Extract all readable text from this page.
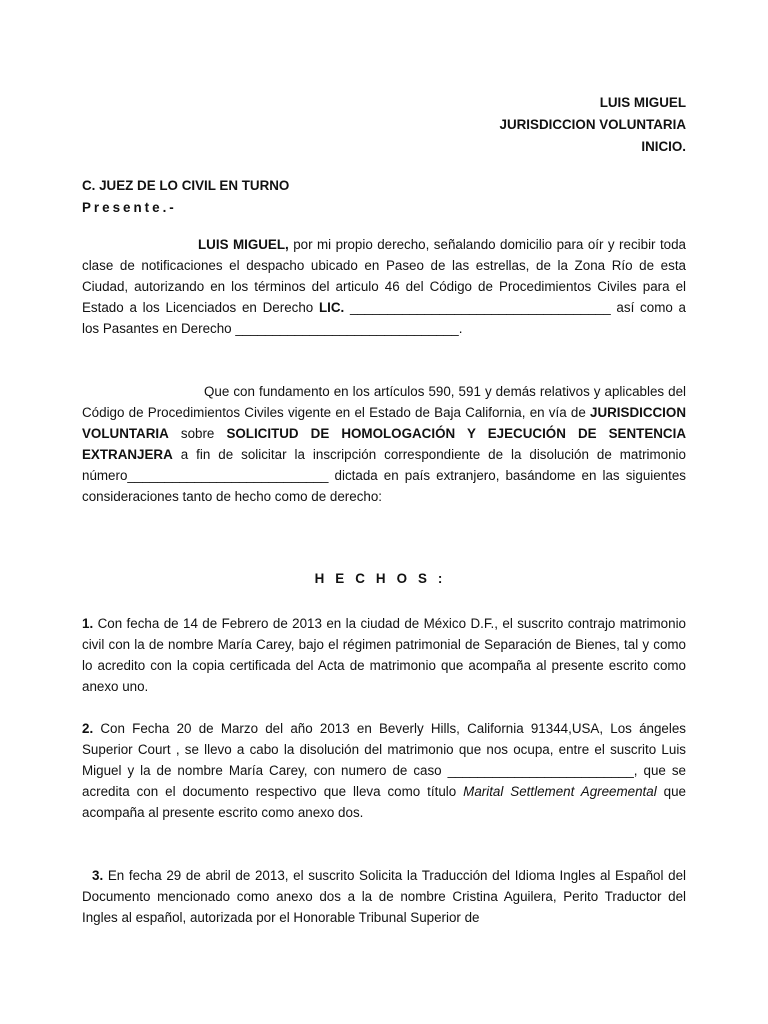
LUIS MIGUEL
JURISDICCION VOLUNTARIA
INICIO.
C. JUEZ DE LO CIVIL EN TURNO
Presente.-

LUIS MIGUEL, por mi propio derecho, señalando domicilio para oír y recibir toda clase de notificaciones el despacho ubicado en Paseo de las estrellas, de la Zona Río de esta Ciudad, autorizando en los términos del articulo 46 del Código de Procedimientos Civiles para el Estado a los Licenciados en Derecho LIC. ___________________________________ así como a los Pasantes en Derecho ______________________________.

Que con fundamento en los artículos 590, 591 y demás relativos y aplicables del Código de Procedimientos Civiles vigente en el Estado de Baja California, en vía de JURISDICCION VOLUNTARIA sobre SOLICITUD DE HOMOLOGACIÓN Y EJECUCIÓN DE SENTENCIA EXTRANJERA a fin de solicitar la inscripción correspondiente de la disolución de matrimonio número___________________________ dictada en país extranjero, basándome en las siguientes consideraciones tanto de hecho como de derecho:

HECHOS:

1. Con fecha de 14 de Febrero de 2013 en la ciudad de México D.F., el suscrito contrajo matrimonio civil con la de nombre María Carey, bajo el régimen patrimonial de Separación de Bienes, tal y como lo acredito con la copia certificada del Acta de matrimonio que acompaña al presente escrito como anexo uno.

2. Con Fecha 20 de Marzo del año 2013 en Beverly Hills, California 91344,USA, Los ángeles Superior Court , se llevo a cabo la disolución del matrimonio que nos ocupa, entre el suscrito Luis Miguel y la de nombre María Carey, con numero de caso _________________________, que se acredita con el documento respectivo que lleva como título Marital Settlement Agreemental que acompaña al presente escrito como anexo dos.

3. En fecha 29 de abril de 2013, el suscrito Solicita la Traducción del Idioma Ingles al Español del Documento mencionado como anexo dos a la de nombre Cristina Aguilera, Perito Traductor del Ingles al español, autorizada por el Honorable Tribunal Superior de
